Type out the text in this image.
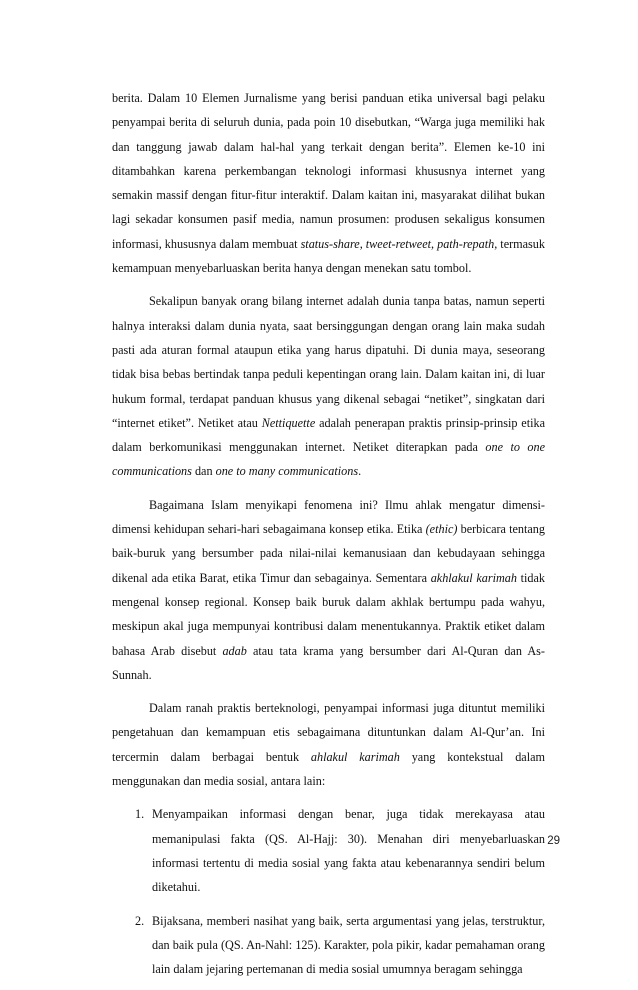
berita. Dalam 10 Elemen Jurnalisme yang berisi panduan etika universal bagi pelaku penyampai berita di seluruh dunia, pada poin 10 disebutkan, “Warga juga memiliki hak dan tanggung jawab dalam hal-hal yang terkait dengan berita”. Elemen ke-10 ini ditambahkan karena perkembangan teknologi informasi khususnya internet yang semakin massif dengan fitur-fitur interaktif. Dalam kaitan ini, masyarakat dilihat bukan lagi sekadar konsumen pasif media, namun prosumen: produsen sekaligus konsumen informasi, khususnya dalam membuat status-share, tweet-retweet, path-repath, termasuk kemampuan menyebarluaskan berita hanya dengan menekan satu tombol.

Sekalipun banyak orang bilang internet adalah dunia tanpa batas, namun seperti halnya interaksi dalam dunia nyata, saat bersinggungan dengan orang lain maka sudah pasti ada aturan formal ataupun etika yang harus dipatuhi. Di dunia maya, seseorang tidak bisa bebas bertindak tanpa peduli kepentingan orang lain. Dalam kaitan ini, di luar hukum formal, terdapat panduan khusus yang dikenal sebagai “netiket”, singkatan dari “internet etiket”. Netiket atau Nettiquette adalah penerapan praktis prinsip-prinsip etika dalam berkomunikasi menggunakan internet. Netiket diterapkan pada one to one communications dan one to many communications.

Bagaimana Islam menyikapi fenomena ini? Ilmu ahlak mengatur dimensi-dimensi kehidupan sehari-hari sebagaimana konsep etika. Etika (ethic) berbicara tentang baik-buruk yang bersumber pada nilai-nilai kemanusiaan dan kebudayaan sehingga dikenal ada etika Barat, etika Timur dan sebagainya. Sementara akhlakul karimah tidak mengenal konsep regional. Konsep baik buruk dalam akhlak bertumpu pada wahyu, meskipun akal juga mempunyai kontribusi dalam menentukannya. Praktik etiket dalam bahasa Arab disebut adab atau tata krama yang bersumber dari Al-Quran dan As-Sunnah.

Dalam ranah praktis berteknologi, penyampai informasi juga dituntut memiliki pengetahuan dan kemampuan etis sebagaimana dituntunkan dalam Al-Qur’an. Ini tercermin dalam berbagai bentuk ahlakul karimah yang kontekstual dalam menggunakan dan media sosial, antara lain:

1. Menyampaikan informasi dengan benar, juga tidak merekayasa atau memanipulasi fakta (QS. Al-Hajj: 30). Menahan diri menyebarluaskan informasi tertentu di media sosial yang fakta atau kebenarannya sendiri belum diketahui.
2. Bijaksana, memberi nasihat yang baik, serta argumentasi yang jelas, terstruktur, dan baik pula (QS. An-Nahl: 125). Karakter, pola pikir, kadar pemahaman orang lain dalam jejaring pertemanan di media sosial umumnya beragam sehingga
29
